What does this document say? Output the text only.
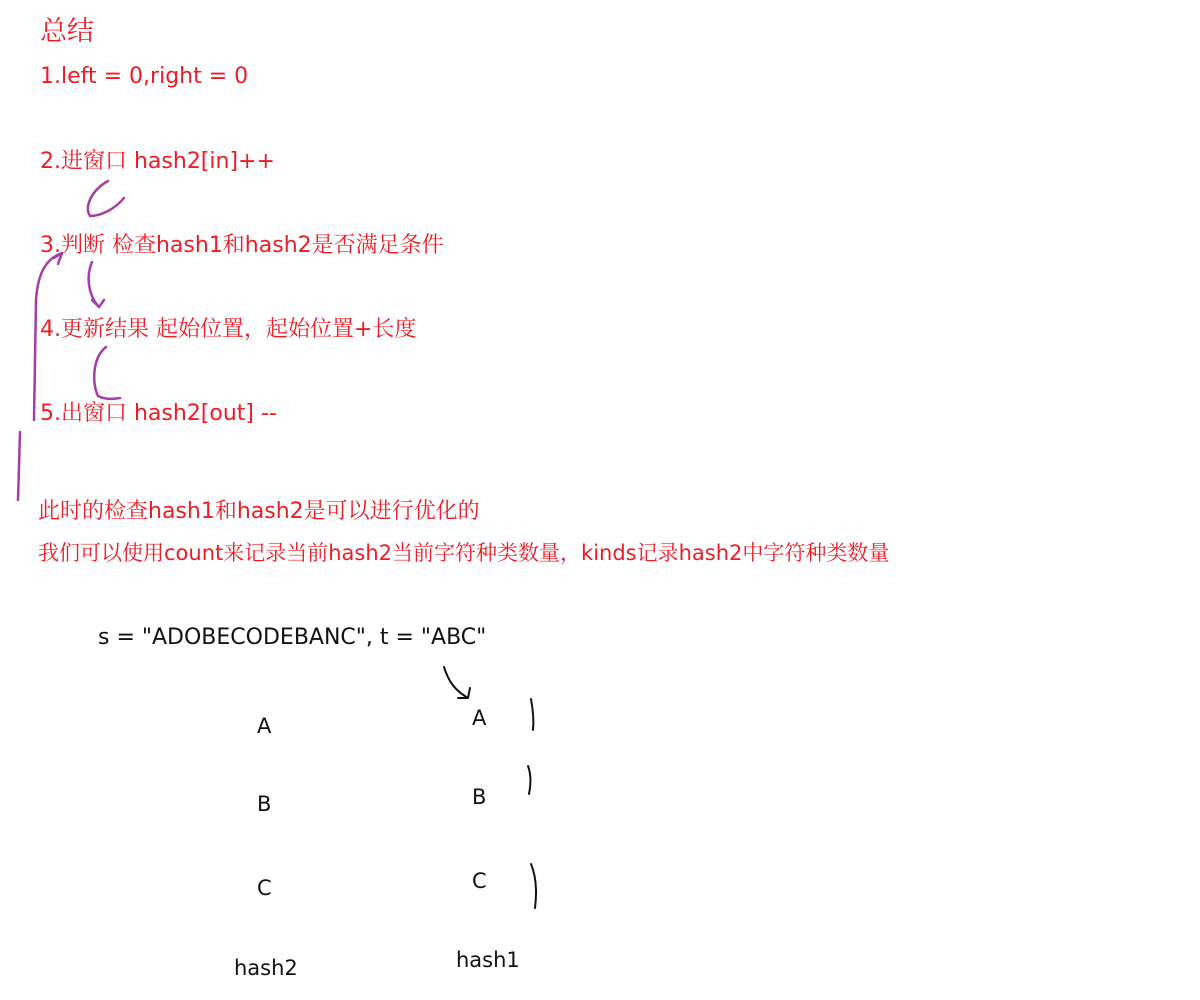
总结
1.left = 0,right = 0
2.进窗口 hash2[in]++
3.判断 检查hash1和hash2是否满足条件
4.更新结果 起始位置，起始位置+长度
5.出窗口 hash2[out] --
此时的检查hash1和hash2是可以进行优化的
我们可以使用count来记录当前hash2当前字符种类数量，kinds记录hash2中字符种类数量
s = "ADOBECODEBANC", t = "ABC"
A
B
C
hash2
A
B
C
hash1
